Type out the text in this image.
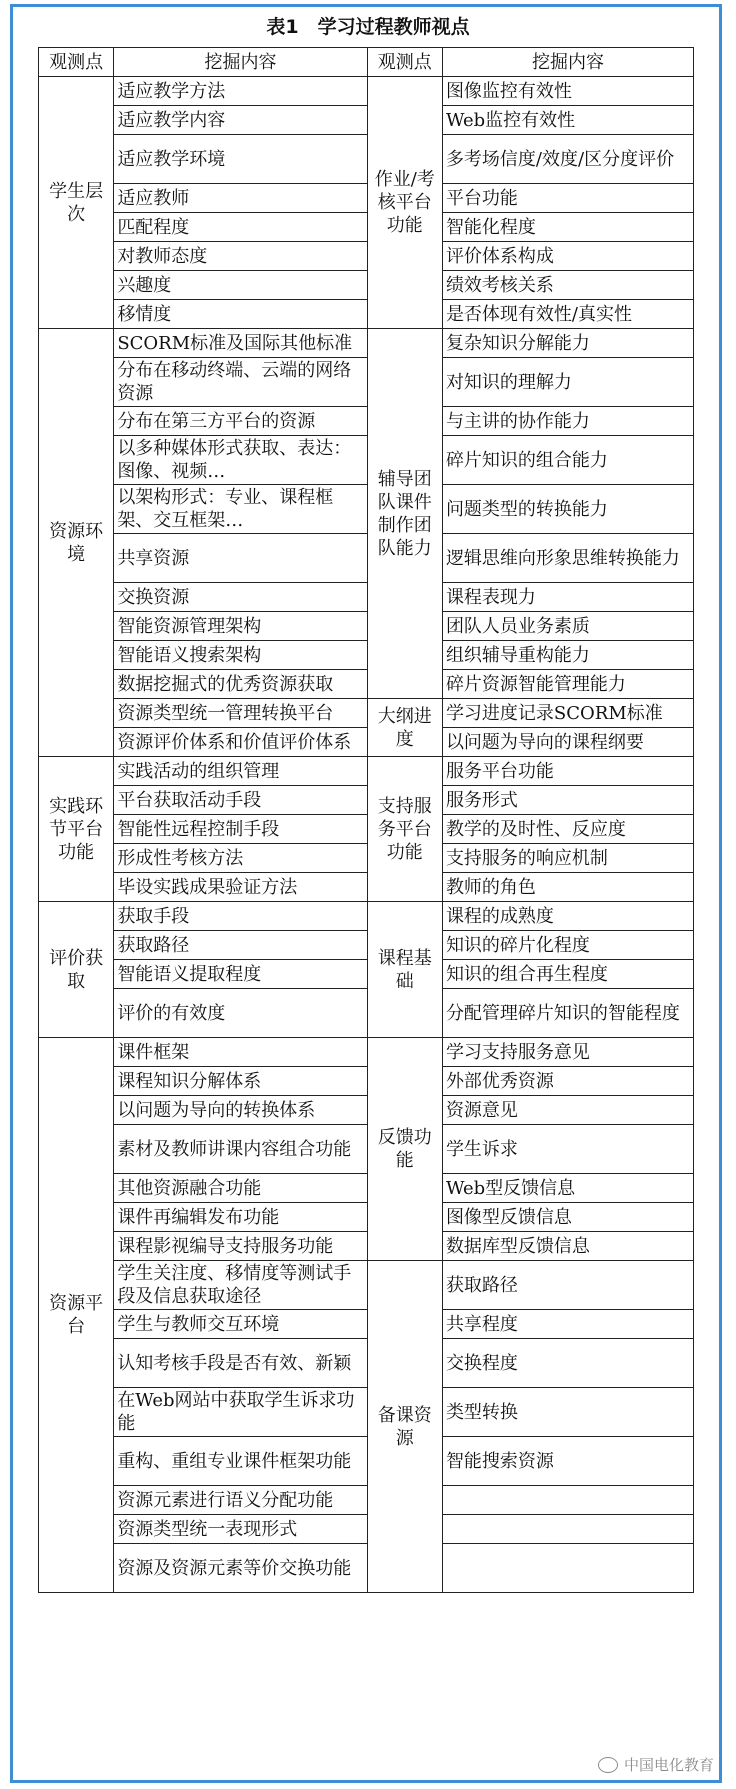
表1　学习过程教师视点
观测点	挖掘内容	观测点	挖掘内容
学生层次	适应教学方法	作业/考核平台功能	图像监控有效性
	适应教学内容		Web监控有效性
	适应教学环境		多考场信度/效度/区分度评价
	适应教师		平台功能
	匹配程度		智能化程度
	对教师态度		评价体系构成
	兴趣度		绩效考核关系
	移情度		是否体现有效性/真实性
资源环境	SCORM标准及国际其他标准	辅导团队课件制作团队能力	复杂知识分解能力
	分布在移动终端、云端的网络资源		对知识的理解力
	分布在第三方平台的资源		与主讲的协作能力
	以多种媒体形式获取、表达：图像、视频…		碎片知识的组合能力
	以架构形式：专业、课程框架、交互框架…		问题类型的转换能力
	共享资源		逻辑思维向形象思维转换能力
	交换资源		课程表现力
	智能资源管理架构		团队人员业务素质
	智能语义搜索架构		组织辅导重构能力
	数据挖掘式的优秀资源获取		碎片资源智能管理能力
	资源类型统一管理转换平台	大纲进度	学习进度记录SCORM标准
	资源评价体系和价值评价体系		以问题为导向的课程纲要
实践环节平台功能	实践活动的组织管理	支持服务平台功能	服务平台功能
	平台获取活动手段		服务形式
	智能性远程控制手段		教学的及时性、反应度
	形成性考核方法		支持服务的响应机制
	毕设实践成果验证方法		教师的角色
评价获取	获取手段	课程基础	课程的成熟度
	获取路径		知识的碎片化程度
	智能语义提取程度		知识的组合再生程度
	评价的有效度		分配管理碎片知识的智能程度
资源平台	课件框架	反馈功能	学习支持服务意见
	课程知识分解体系		外部优秀资源
	以问题为导向的转换体系		资源意见
	素材及教师讲课内容组合功能		学生诉求
	其他资源融合功能		Web型反馈信息
	课件再编辑发布功能		图像型反馈信息
	课程影视编导支持服务功能		数据库型反馈信息
	学生关注度、移情度等测试手段及信息获取途径	备课资源	获取路径
	学生与教师交互环境		共享程度
	认知考核手段是否有效、新颖		交换程度
	在Web网站中获取学生诉求功能		类型转换
	重构、重组专业课件框架功能		智能搜索资源
	资源元素进行语义分配功能		
	资源类型统一表现形式		
	资源及资源元素等价交换功能		
中国电化教育
